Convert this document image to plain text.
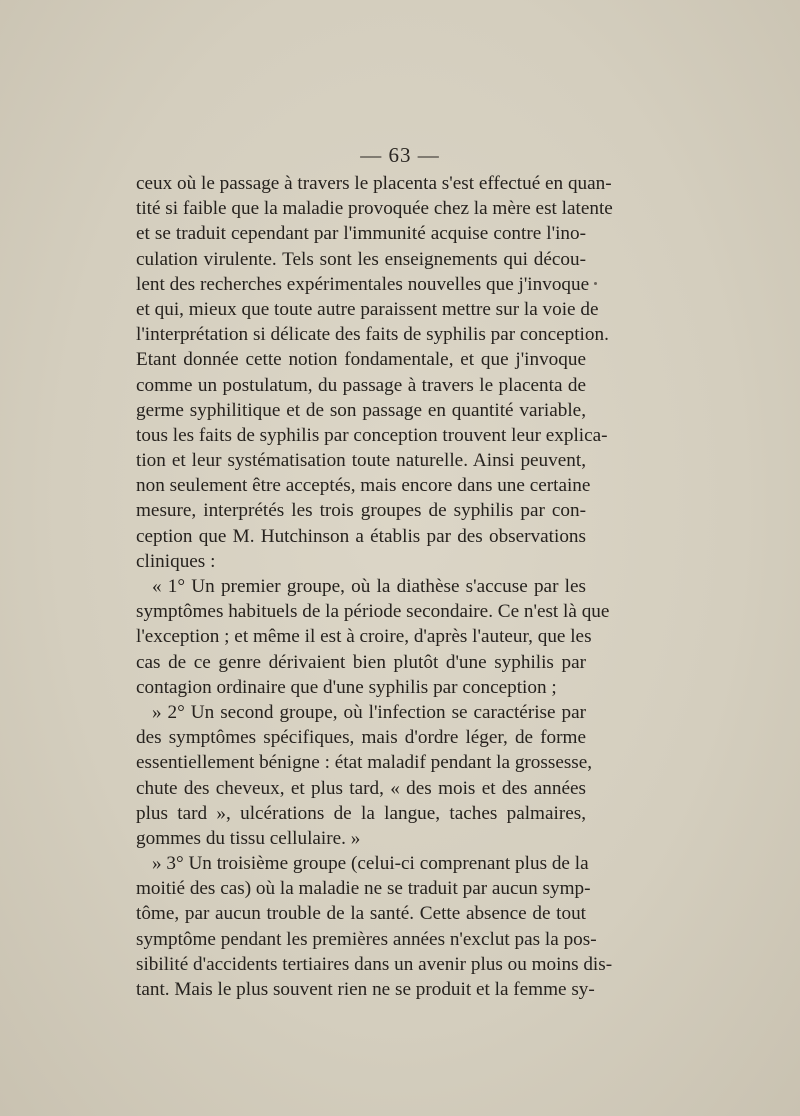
— 63 —
ceux où le passage à travers le placenta s'est effectué en quan-
tité si faible que la maladie provoquée chez la mère est latente
et se traduit cependant par l'immunité acquise contre l'ino-
culation virulente. Tels sont les enseignements qui décou-
lent des recherches expérimentales nouvelles que j'invoque
et qui, mieux que toute autre paraissent mettre sur la voie de
l'interprétation si délicate des faits de syphilis par conception.
Etant donnée cette notion fondamentale, et que j'invoque
comme un postulatum, du passage à travers le placenta de
germe syphilitique et de son passage en quantité variable,
tous les faits de syphilis par conception trouvent leur explica-
tion et leur systématisation toute naturelle. Ainsi peuvent,
non seulement être acceptés, mais encore dans une certaine
mesure, interprétés les trois groupes de syphilis par con-
ception que M. Hutchinson a établis par des observations
cliniques :
« 1° Un premier groupe, où la diathèse s'accuse par les
symptômes habituels de la période secondaire. Ce n'est là que
l'exception ; et même il est à croire, d'après l'auteur, que les
cas de ce genre dérivaient bien plutôt d'une syphilis par
contagion ordinaire que d'une syphilis par conception ;
» 2° Un second groupe, où l'infection se caractérise par
des symptômes spécifiques, mais d'ordre léger, de forme
essentiellement bénigne : état maladif pendant la grossesse,
chute des cheveux, et plus tard, « des mois et des années
plus tard », ulcérations de la langue, taches palmaires,
gommes du tissu cellulaire. »
» 3° Un troisième groupe (celui-ci comprenant plus de la
moitié des cas) où la maladie ne se traduit par aucun symp-
tôme, par aucun trouble de la santé. Cette absence de tout
symptôme pendant les premières années n'exclut pas la pos-
sibilité d'accidents tertiaires dans un avenir plus ou moins dis-
tant. Mais le plus souvent rien ne se produit et la femme sy-
